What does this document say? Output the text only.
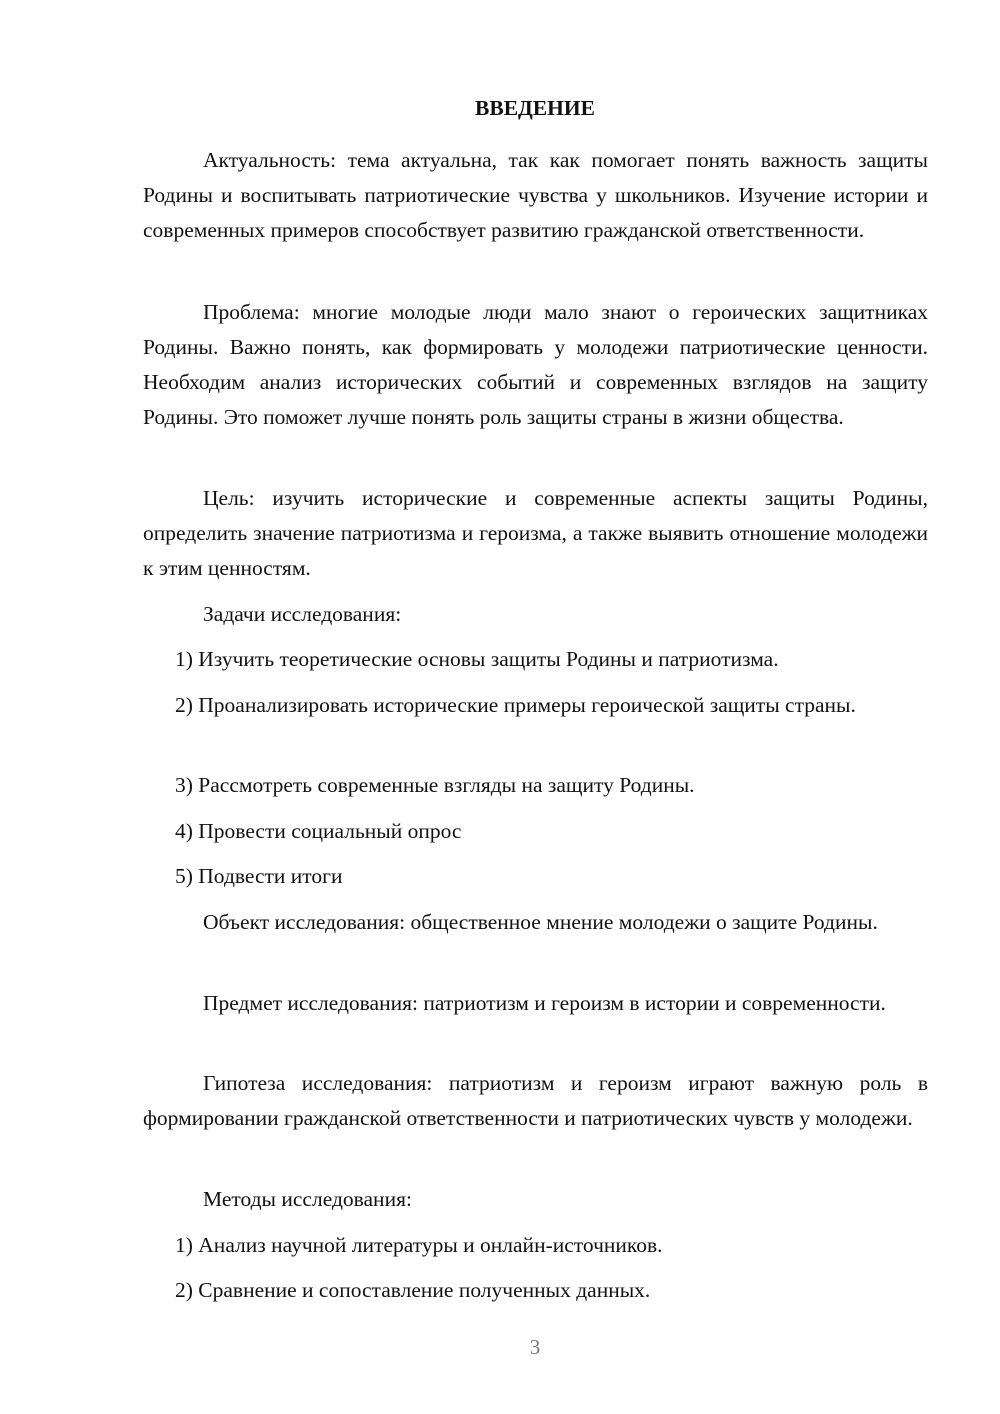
ВВЕДЕНИЕ

Актуальность: тема актуальна, так как помогает понять важность защиты Родины и воспитывать патриотические чувства у школьников. Изучение истории и современных примеров способствует развитию гражданской ответственности.

Проблема: многие молодые люди мало знают о героических защитниках Родины. Важно понять, как формировать у молодежи патриотические ценности. Необходим анализ исторических событий и современных взглядов на защиту Родины. Это поможет лучше понять роль защиты страны в жизни общества.

Цель: изучить исторические и современные аспекты защиты Родины, определить значение патриотизма и героизма, а также выявить отношение молодежи к этим ценностям.

Задачи исследования:

1) Изучить теоретические основы защиты Родины и патриотизма.

2) Проанализировать исторические примеры героической защиты страны.

3) Рассмотреть современные взгляды на защиту Родины.

4) Провести социальный опрос

5) Подвести итоги

Объект исследования: общественное мнение молодежи о защите Родины.

Предмет исследования: патриотизм и героизм в истории и современности.

Гипотеза исследования: патриотизм и героизм играют важную роль в формировании гражданской ответственности и патриотических чувств у молодежи.

Методы исследования:

1) Анализ научной литературы и онлайн-источников.

2) Сравнение и сопоставление полученных данных.

3
